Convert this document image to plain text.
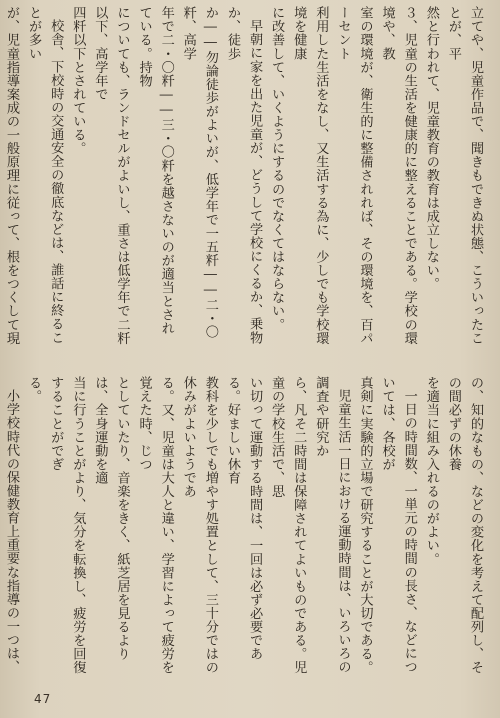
立てや、児童作品で、聞きもできぬ状態、こういったことが、平
然と行われて、児童教育の教育は成立しない。
３、児童の生活を健康的に整えることである。学校の環境や、教
室の環境が、衛生的に整備されれば、その環境を、百パーセント
利用した生活をなし、又生活する為に、少しでも学校環境を健康
に改善して、いくようにするのでなくてはならない。
早朝に家を出た児童が、どうして学校にくるか、乗物か、徒歩
か――勿論徒歩がよいが、低学年で一五粁――二・〇粁、高学
年で二・〇粁――三・〇粁を越さないのが適当とされている。持物
についても、ランドセルがよいし、重さは低学年で二粁以下、高学年で
四粁以下とされている。
校舎、下校時の交通安全の徹底などは、誰話に終ることが多い
が、児童指導案成の一般原理に従って、根をつくして現
の、知的なもの、などの変化を考えて配列し、その間必ずの休養
を適当に組み入れるのがよい。
一日の時間数、一単元の時間の長さ、などについては、各校が
真剣に実験的立場で研究することが大切である。
児童生活一日における運動時間は、いろいろの調査や研究か
ら、凡そ二時間は保障されてよいものである。児童の学校生活で、思
い切って運動する時間は、一回は必ず必要である。好ましい休育
教科を少しでも増やす処置として、三十分ではの休みがよいようであ
る。又、児童は大人と違い、学習によって疲労を覚えた時、じつ
としていたり、音楽をきく、紙芝居を見るよりは、全身運動を適
当に行うことがより、気分を転換し、疲労を回復することがでぎ
る。
小学校時代の保健教育上重要な指導の一つは、
47
